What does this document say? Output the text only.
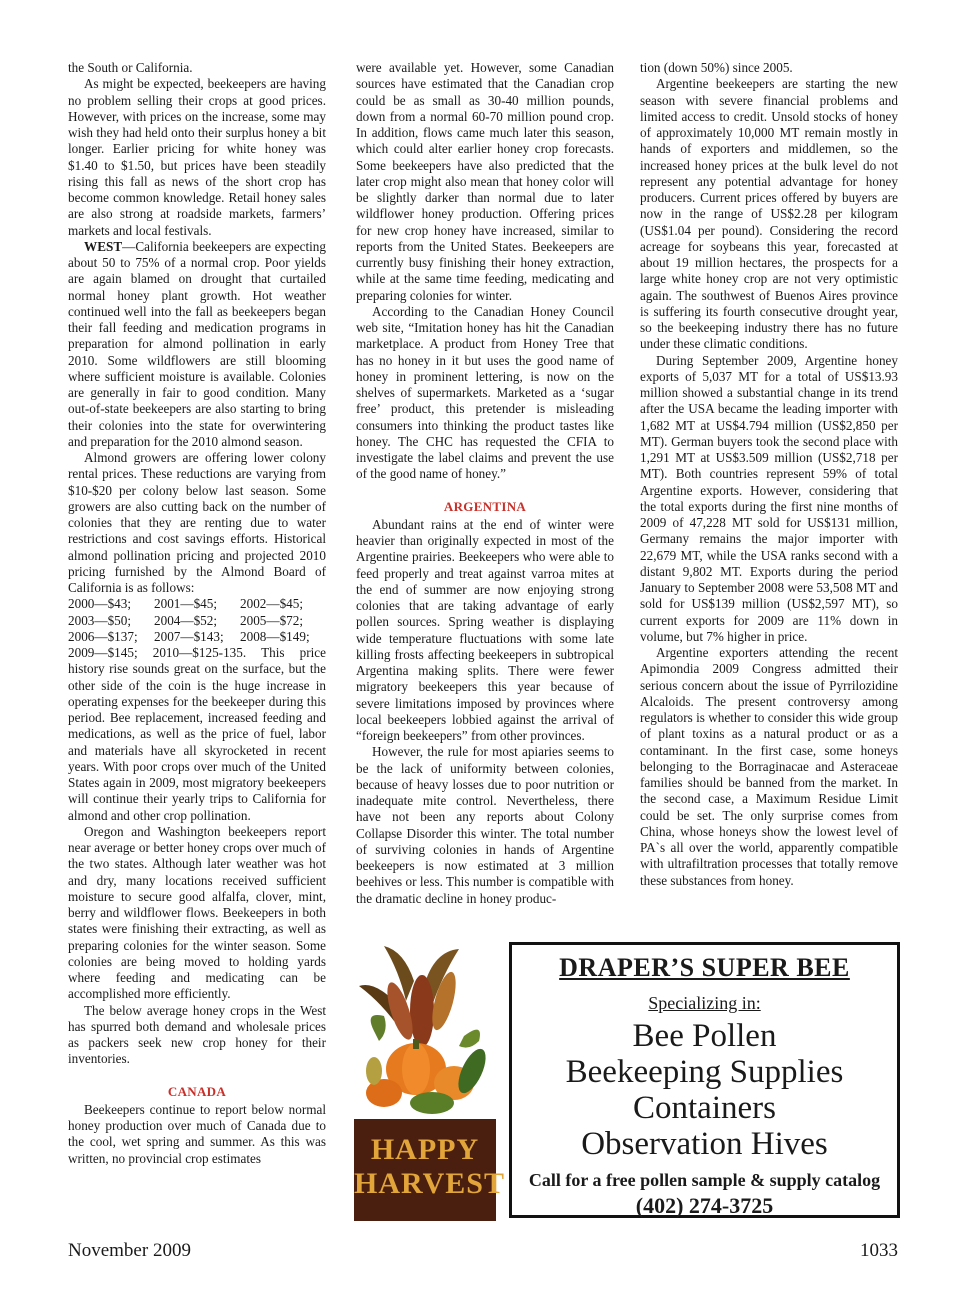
the South or California.

As might be expected, beekeepers are having no problem selling their crops at good prices. However, with prices on the increase, some may wish they had held onto their surplus honey a bit longer. Earlier pricing for white honey was $1.40 to $1.50, but prices have been steadily rising this fall as news of the short crop has become common knowledge. Retail honey sales are also strong at roadside markets, farmers’ markets and local festivals.

WEST—California beekeepers are expecting about 50 to 75% of a normal crop. Poor yields are again blamed on drought that curtailed normal honey plant growth. Hot weather continued well into the fall as beekeepers began their fall feeding and medication programs in preparation for almond pollination in early 2010. Some wildflowers are still blooming where sufficient moisture is available. Colonies are generally in fair to good condition. Many out-of-state beekeepers are also starting to bring their colonies into the state for overwintering and preparation for the 2010 almond season.

Almond growers are offering lower colony rental prices. These reductions are varying from $10-$20 per colony below last season. Some growers are also cutting back on the number of colonies that they are renting due to water restrictions and cost savings efforts. Historical almond pollination pricing and projected 2010 pricing furnished by the Almond Board of California is as follows:

2000—$43;	2001—$45;	2002—$45;
2003—$50;	2004—$52;	2005—$72;
2006—$137;	2007—$143;	2008—$149;

2009—$145; 2010—$125-135. This price history rise sounds great on the surface, but the other side of the coin is the huge increase in operating expenses for the beekeeper during this period. Bee replacement, increased feeding and medications, as well as the price of fuel, labor and materials have all skyrocketed in recent years. With poor crops over much of the United States again in 2009, most migratory beekeepers will continue their yearly trips to California for almond and other crop pollination.

Oregon and Washington beekeepers report near average or better honey crops over much of the two states. Although later weather was hot and dry, many locations received sufficient moisture to secure good alfalfa, clover, mint, berry and wildflower flows. Beekeepers in both states were finishing their extracting, as well as preparing colonies for the winter season. Some colonies are being moved to holding yards where feeding and medicating can be accomplished more efficiently.

The below average honey crops in the West has spurred both demand and wholesale prices as packers seek new crop honey for their inventories.

CANADA

Beekeepers continue to report below normal honey production over much of Canada due to the cool, wet spring and summer. As this was written, no provincial crop estimates

were available yet. However, some Canadian sources have estimated that the Canadian crop could be as small as 30-40 million pounds, down from a normal 60-70 million pound crop. In addition, flows came much later this season, which could alter earlier honey crop forecasts. Some beekeepers have also predicted that the later crop might also mean that honey color will be slightly darker than normal due to later wildflower honey production. Offering prices for new crop honey have increased, similar to reports from the United States. Beekeepers are currently busy finishing their honey extraction, while at the same time feeding, medicating and preparing colonies for winter.

According to the Canadian Honey Council web site, “Imitation honey has hit the Canadian marketplace. A product from Honey Tree that has no honey in it but uses the good name of honey in prominent lettering, is now on the shelves of supermarkets. Marketed as a ‘sugar free’ product, this pretender is misleading consumers into thinking the product tastes like honey. The CHC has requested the CFIA to investigate the label claims and prevent the use of the good name of honey.”

ARGENTINA

Abundant rains at the end of winter were heavier than originally expected in most of the Argentine prairies. Beekeepers who were able to feed properly and treat against varroa mites at the end of summer are now enjoying strong colonies that are taking advantage of early pollen sources. Spring weather is displaying wide temperature fluctuations with some late killing frosts affecting beekeepers in subtropical Argentina making splits. There were fewer migratory beekeepers this year because of severe limitations imposed by provinces where local beekeepers lobbied against the arrival of “foreign beekeepers” from other provinces.

However, the rule for most apiaries seems to be the lack of uniformity between colonies, because of heavy losses due to poor nutrition or inadequate mite control. Nevertheless, there have not been any reports about Colony Collapse Disorder this winter. The total number of surviving colonies in hands of Argentine beekeepers is now estimated at 3 million beehives or less. This number is compatible with the dramatic decline in honey produc-

tion (down 50%) since 2005.

Argentine beekeepers are starting the new season with severe financial problems and limited access to credit. Unsold stocks of honey of approximately 10,000 MT remain mostly in hands of exporters and middlemen, so the increased honey prices at the bulk level do not represent any potential advantage for honey producers. Current prices offered by buyers are now in the range of US$2.28 per kilogram (US$1.04 per pound). Considering the record acreage for soybeans this year, forecasted at about 19 million hectares, the prospects for a large white honey crop are not very optimistic again. The southwest of Buenos Aires province is suffering its fourth consecutive drought year, so the beekeeping industry there has no future under these climatic conditions.

During September 2009, Argentine honey exports of 5,037 MT for a total of US$13.93 million showed a substantial change in its trend after the USA became the leading importer with 1,682 MT at US$4.794 million (US$2,850 per MT). German buyers took the second place with 1,291 MT at US$3.509 million (US$2,718 per MT). Both countries represent 59% of total Argentine exports. However, considering that the total exports during the first nine months of 2009 of 47,228 MT sold for US$131 million, Germany remains the major importer with 22,679 MT, while the USA ranks second with a distant 9,802 MT. Exports during the period January to September 2008 were 53,508 MT and sold for US$139 million (US$2,597 MT), so current exports for 2009 are 11% down in volume, but 7% higher in price.

Argentine exporters attending the recent Apimondia 2009 Congress admitted their serious concern about the issue of Pyrrilozidine Alcaloids. The present controversy among regulators is whether to consider this wide group of plant toxins as a natural product or as a contaminant. In the first case, some honeys belonging to the Borraginacae and Asteraceae families should be banned from the market. In the second case, a Maximum Residue Limit could be set. The only surprise comes from China, whose honeys show the lowest level of PA`s all over the world, apparently compatible with ultrafiltration processes that totally remove these substances from honey.

HAPPY
HARVEST
DRAPER’S SUPER BEE
Specializing in:
Bee Pollen
Beekeeping Supplies
Containers
Observation Hives
Call for a free pollen sample & supply catalog
(402) 274-3725
November 2009	1033
